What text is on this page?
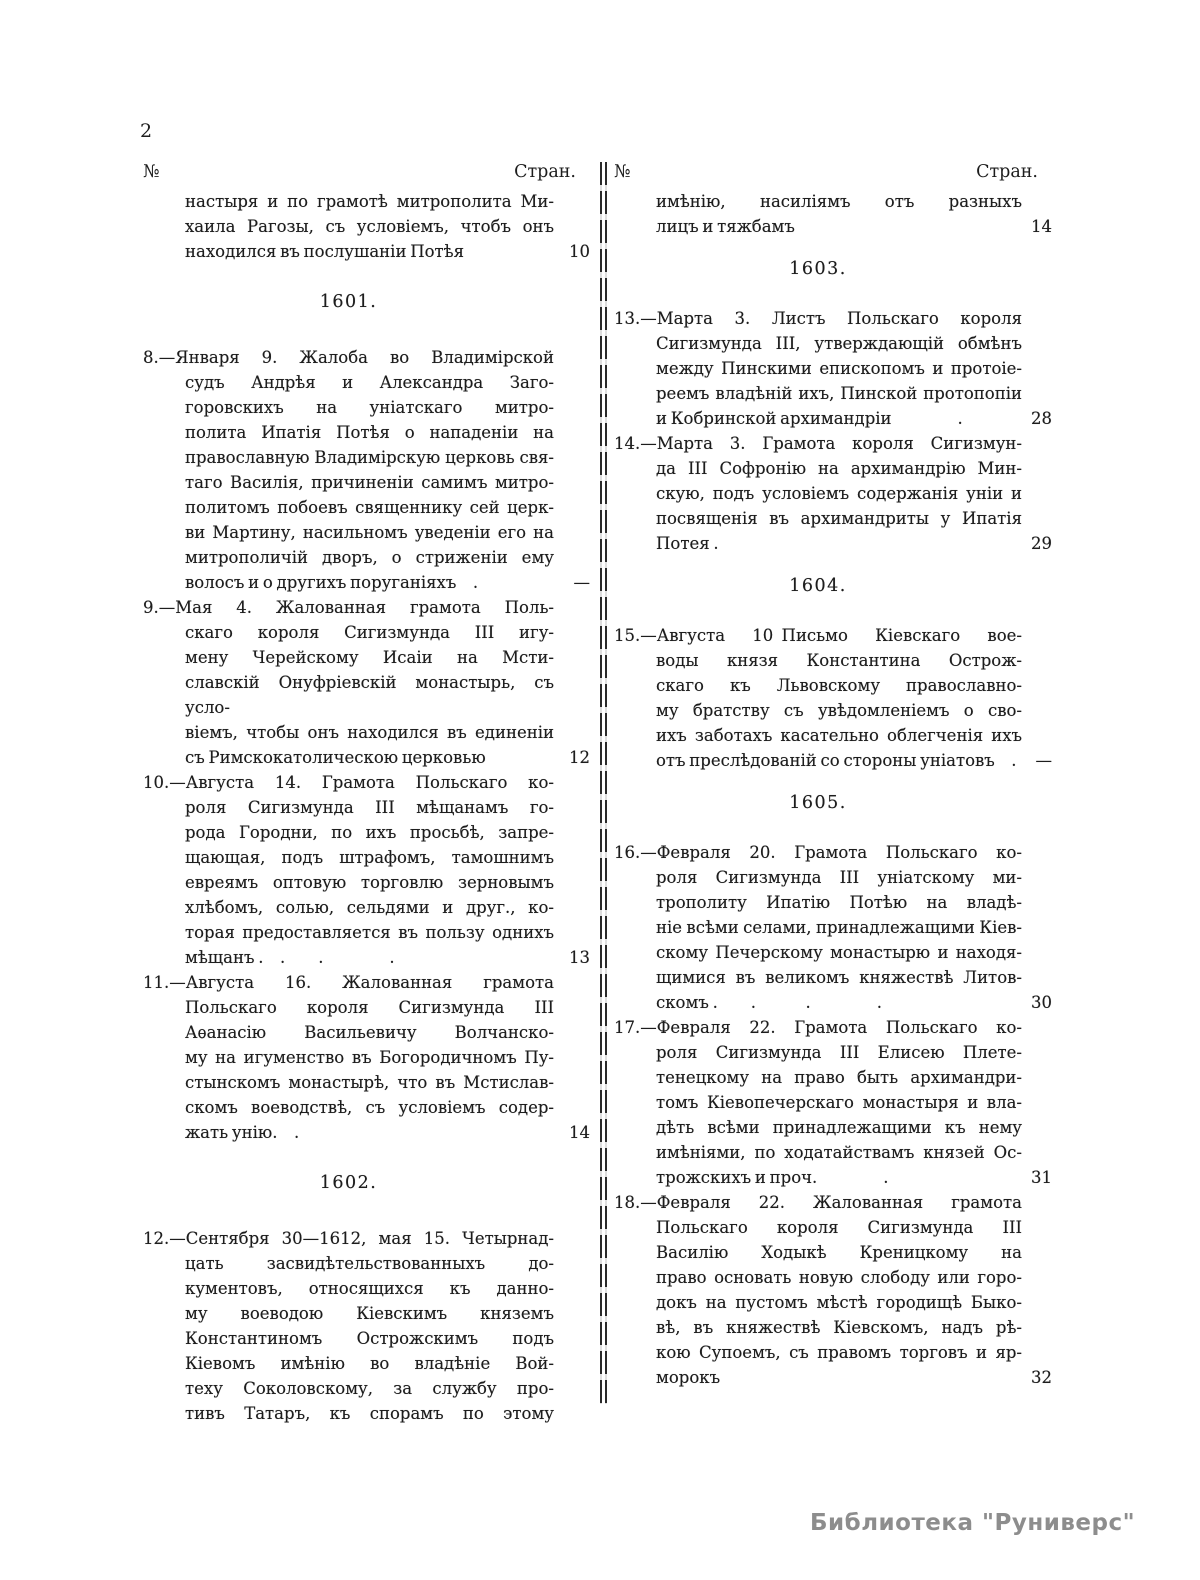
2
№	Стран.
настыря и по грамотѣ митрополита Ми-
хаила Рагозы, съ условіемъ, чтобъ онъ
находился въ послушаніи Потѣя	10
1601.
8.—Января 9. Жалоба во Владимірской
судъ Андрѣя и Александра Заго-
горовскихъ на уніатскаго митро-
полита Ипатія Потѣя о нападеніи на
православную Владимірскую церковь свя-
таго Василія, причиненіи самимъ митро-
политомъ побоевъ священнику сей церк-
ви Мартину, насильномъ уведеніи его на
митрополичій дворъ, о стриженіи ему
волосъ и о другихъ поруганіяхъ .	—
9.—Мая 4. Жалованная грамота Поль-
скаго короля Сигизмунда III игу-
мену Черейскому Исаіи на Мсти-
славскій Онуфріевскій монастырь, съ усло-
віемъ, чтобы онъ находился въ единеніи
съ Римскокатолическою церковью	12
10.—Августа 14. Грамота Польскаго ко-
роля Сигизмунда III мѣщанамъ го-
рода Городни, по ихъ просьбѣ, запре-
щающая, подъ штрафомъ, тамошнимъ
евреямъ оптовую торговлю зерновымъ
хлѣбомъ, солью, сельдями и друг., ко-
торая предоставляется въ пользу однихъ
мѣщанъ . .  .    .	13
11.—Августа 16. Жалованная грамота
Польскаго короля Сигизмунда III
Аѳанасію Васильевичу Волчанско-
му на игуменство въ Богородичномъ Пу-
стынскомъ монастырѣ, что въ Мстислав-
скомъ воеводствѣ, съ условіемъ содер-
жать унію. .	14
1602.
12.—Сентября 30—1612, мая 15. Четырнад-
цать засвидѣтельствованныхъ до-
кументовъ, относящихся къ данно-
му воеводою Кіевскимъ княземъ
Константиномъ Острожскимъ подъ
Кіевомъ имѣнію во владѣніе Вой-
теху Соколовскому, за службу про-
тивъ Татаръ, къ спорамъ по этому
№	Стран.
имѣнію, насиліямъ отъ разныхъ
лицъ и тяжбамъ	14
1603.
13.—Марта 3. Листъ Польскаго короля
Сигизмунда III, утверждающій обмѣнъ
между Пинскими епископомъ и протоіе-
реемъ владѣній ихъ, Пинской протопопіи
и Кобринской архимандріи    .	28
14.—Марта 3. Грамота короля Сигизмун-
да III Софронію на архимандрію Мин-
скую, подъ условіемъ содержанія уніи и
посвященія въ архимандриты у Ипатія
Потея .	29
1604.
15.—Августа 10 Письмо Кіевскаго вое-
воды князя Константина Острож-
скаго къ Львовскому православно-
му братству съ увѣдомленіемъ о сво-
ихъ заботахъ касательно облегченія ихъ
отъ преслѣдованій со стороны уніатовъ .	—
1605.
16.—Февраля 20. Грамота Польскаго ко-
роля Сигизмунда III уніатскому ми-
трополиту Ипатію Потѣю на владѣ-
ніе всѣми селами, принадлежащими Кіев-
скому Печерскому монастырю и находя-
щимися въ великомъ княжествѣ Литов-
скомъ .  .   .    .	30
17.—Февраля 22. Грамота Польскаго ко-
роля Сигизмунда III Елисею Плете-
тенецкому на право быть архимандри-
томъ Кіевопечерскаго монастыря и вла-
дѣть всѣми принадлежащими къ нему
имѣніями, по ходатайствамъ князей Ос-
трожскихъ и проч.    .	31
18.—Февраля 22. Жалованная грамота
Польскаго короля Сигизмунда III
Василію Ходыкѣ Креницкому на
право основать новую слободу или горо-
докъ на пустомъ мѣстѣ городищѣ Быко-
вѣ, въ княжествѣ Кіевскомъ, надъ рѣ-
кою Супоемъ, съ правомъ торговъ и яр-
морокъ	32
Библиотека "Руниверс"
